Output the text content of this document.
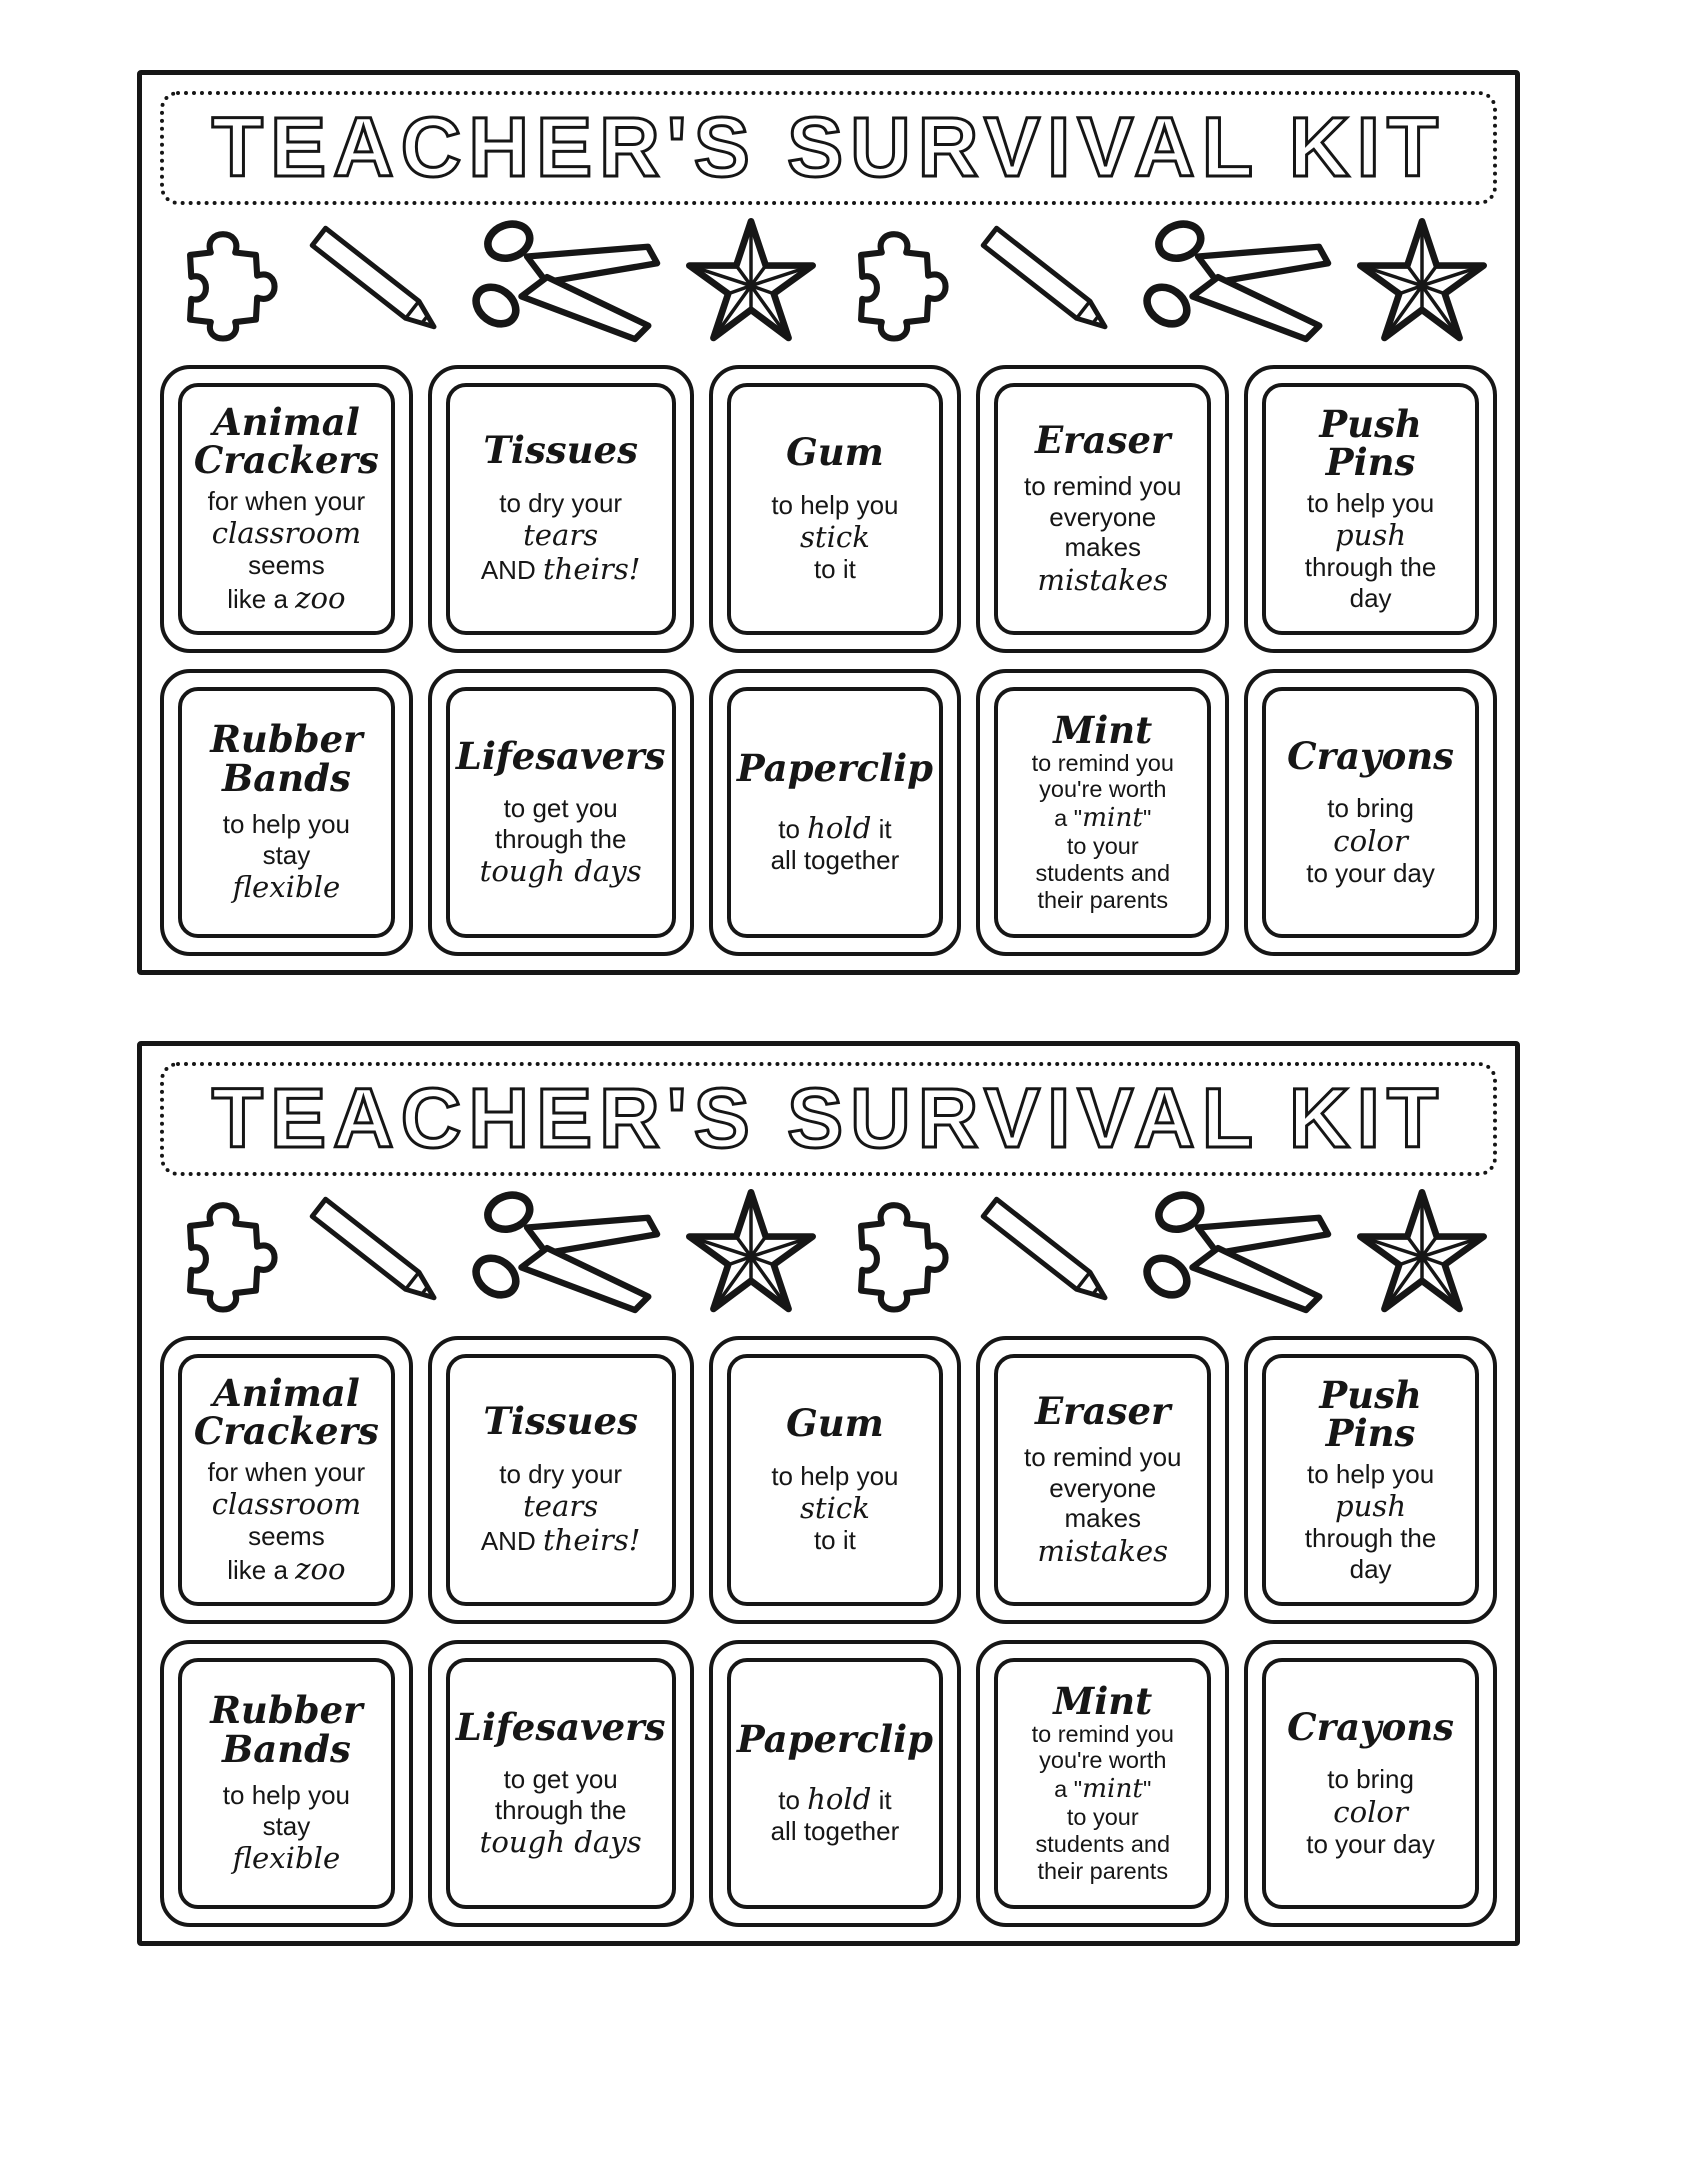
TEACHER'S SURVIVAL KIT
Animal
Crackers
for when your
classroom
seems
like a zoo
Tissues
to dry your
tears
AND theirs!
Gum
to help you
stick
to it
Eraser
to remind you
everyone
makes
mistakes
Push
Pins
to help you
push
through the
day
Rubber
Bands
to help you
stay
flexible
Lifesavers
to get you
through the
tough days
Paperclip
to hold it
all together
Mint
to remind you
you're worth
a "mint"
to your
students and
their parents
Crayons
to bring
color
to your day
TEACHER'S SURVIVAL KIT
Animal
Crackers
for when your
classroom
seems
like a zoo
Tissues
to dry your
tears
AND theirs!
Gum
to help you
stick
to it
Eraser
to remind you
everyone
makes
mistakes
Push
Pins
to help you
push
through the
day
Rubber
Bands
to help you
stay
flexible
Lifesavers
to get you
through the
tough days
Paperclip
to hold it
all together
Mint
to remind you
you're worth
a "mint"
to your
students and
their parents
Crayons
to bring
color
to your day
